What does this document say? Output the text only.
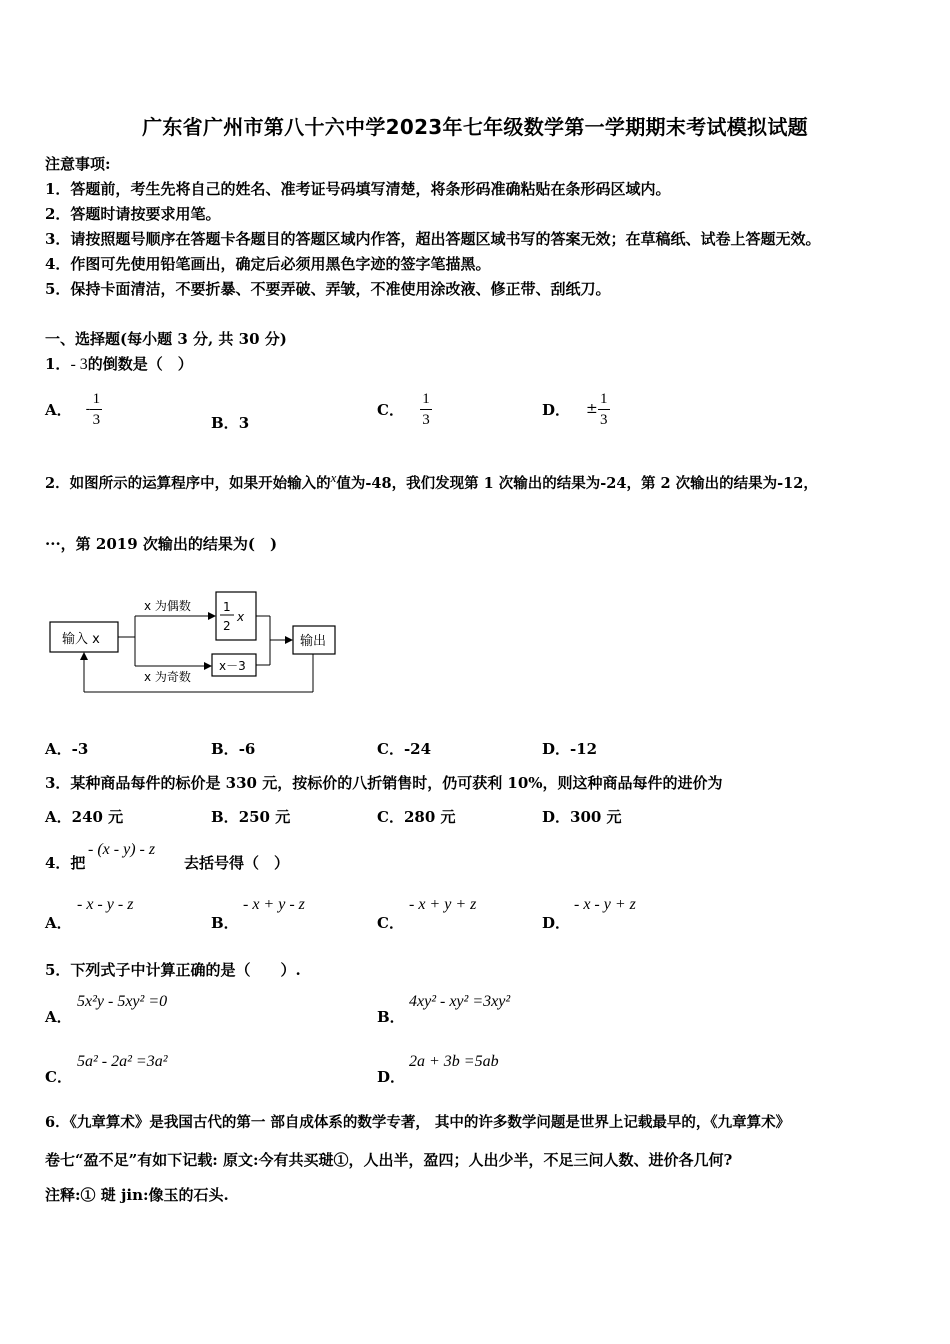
广东省广州市第八十六中学2023年七年级数学第一学期期末考试模拟试题
注意事项:
1．答题前，考生先将自己的姓名、准考证号码填写清楚，将条形码准确粘贴在条形码区域内。
2．答题时请按要求用笔。
3．请按照题号顺序在答题卡各题目的答题区域内作答，超出答题区域书写的答案无效；在草稿纸、试卷上答题无效。
4．作图可先使用铅笔画出，确定后必须用黑色字迹的签字笔描黑。
5．保持卡面清洁，不要折暴、不要弄破、弄皱，不准使用涂改液、修正带、刮纸刀。
一、选择题(每小题 3 分, 共 30 分)
1．- 3的倒数是（　）
A． - $\frac{1}{3}$	B．3
C． $\frac{1}{3}$	D． ± $\frac{1}{3}$
2．如图所示的运算程序中，如果开始输入的$^x$值为-48，我们发现第 1 次输出的结果为-24，第 2 次输出的结果为-12，
···，第 2019 次输出的结果为(　)
输入 x
x 为偶数
x 为奇数
1
2
x
x－3
输出
A．-3	B．-6	C．-24	D．-12
3．某种商品每件的标价是 330 元，按标价的八折销售时，仍可获利 10%，则这种商品每件的进价为
A．240 元	B．250 元	C．280 元	D．300 元
4．把
- (x - y) - z
去括号得（　）
A．
- x - y - z
B．
- x + y - z
C．
- x + y + z
D．
- x - y + z
5．下列式子中计算正确的是（　　）.
A．
5x²y - 5xy² =0
B．
4xy² - xy² =3xy²
C．
5a² - 2a² =3a²
D．
2a + 3b =5ab
6．《九章算术》是我国古代的第一 部自成体系的数学专著， 其中的许多数学问题是世界上记载最早的，《九章算术》
卷七“盈不足”有如下记载: 原文:今有共买琎①，人出半，盈四；人出少半，不足三问人数、进价各几何?
注释:① 琎 jin:像玉的石头.
